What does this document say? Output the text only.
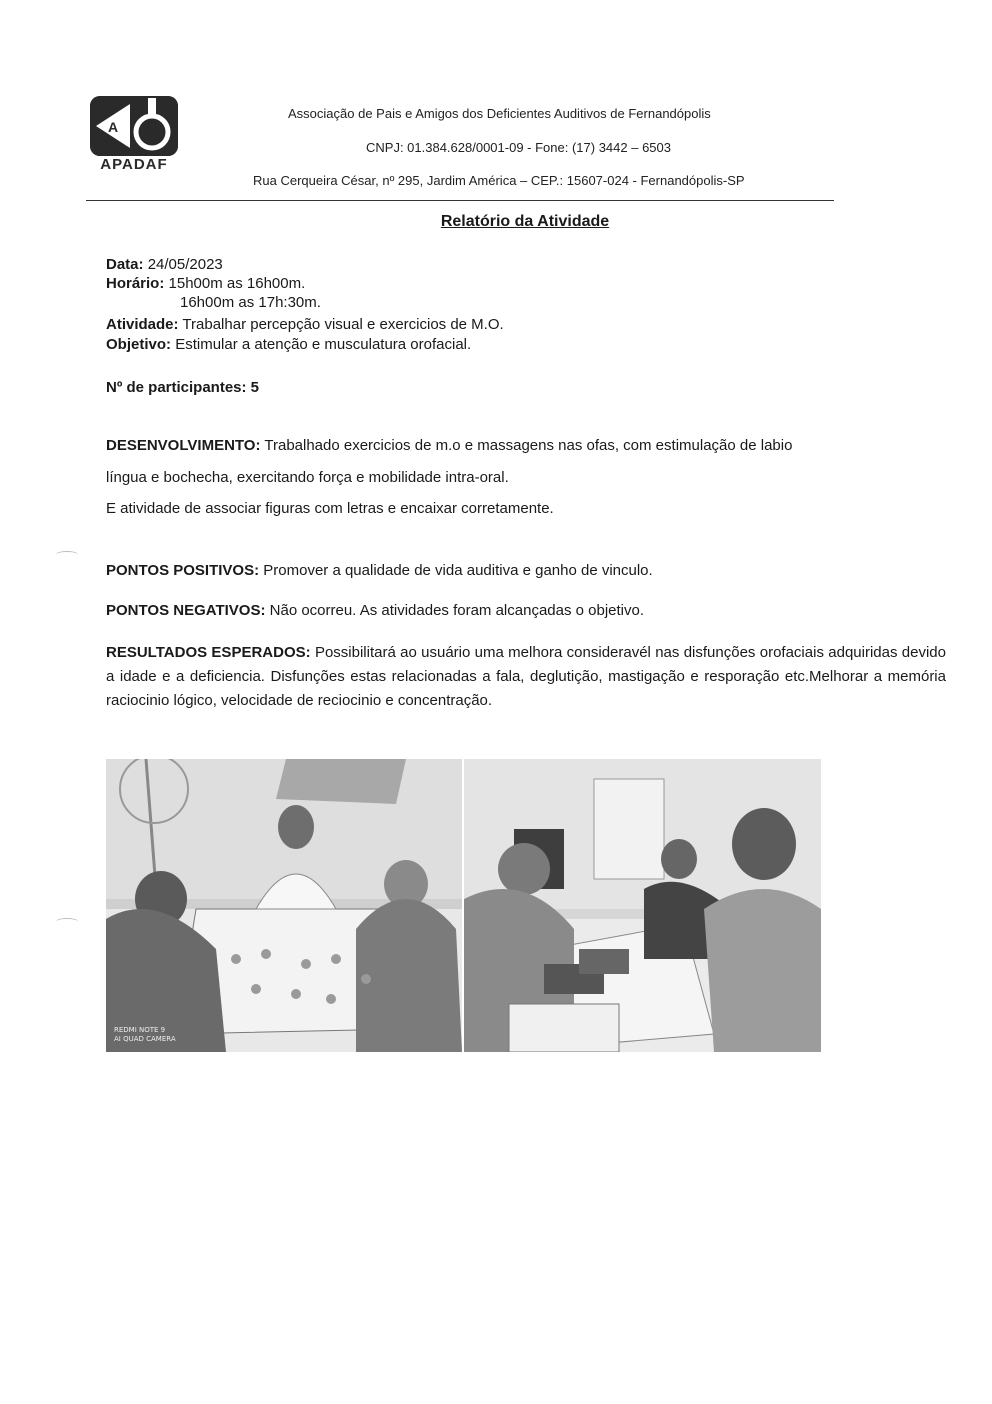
A
APADAF
Associação de Pais e Amigos dos Deficientes Auditivos de Fernandópolis
CNPJ: 01.384.628/0001-09 - Fone: (17) 3442 – 6503
Rua Cerqueira César, nº 295, Jardim América – CEP.: 15607-024 - Fernandópolis-SP
Relatório da Atividade
Data: 24/05/2023
Horário: 15h00m as 16h00m.
16h00m as 17h:30m.
Atividade: Trabalhar percepção visual e exercicios de M.O.
Objetivo: Estimular a atenção e musculatura orofacial.
Nº de participantes: 5
DESENVOLVIMENTO: Trabalhado exercicios de m.o e massagens nas ofas, com estimulação de labio
língua e bochecha, exercitando força e mobilidade intra-oral.
E atividade de associar figuras com letras e encaixar corretamente.
PONTOS POSITIVOS: Promover a qualidade de vida auditiva e ganho de vinculo.
PONTOS NEGATIVOS: Não ocorreu. As atividades foram alcançadas o objetivo.
RESULTADOS ESPERADOS: Possibilitará ao usuário uma melhora consideravél nas disfunções orofaciais adquiridas devido a idade e a deficiencia. Disfunções estas relacionadas a fala, deglutição, mastigação e resporação etc.Melhorar a memória raciocinio lógico, velocidade de reciocinio e concentração.
REDMI NOTE 9
AI QUAD CAMERA
